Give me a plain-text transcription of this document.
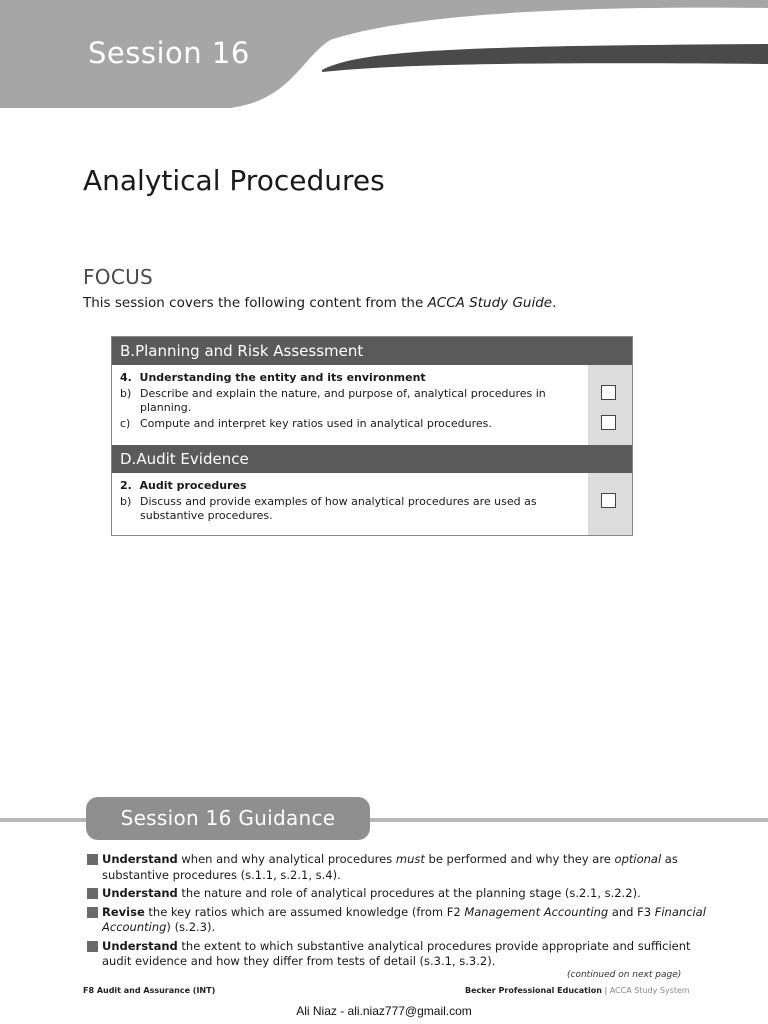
Session 16
Analytical Procedures
FOCUS
This session covers the following content from the ACCA Study Guide.
B.Planning and Risk Assessment
4. Understanding the entity and its environment
b) Describe and explain the nature, and purpose of, analytical procedures in planning.
c) Compute and interpret key ratios used in analytical procedures.
D.Audit Evidence
2. Audit procedures
b) Discuss and provide examples of how analytical procedures are used as substantive procedures.
Session 16 Guidance
Understand when and why analytical procedures must be performed and why they are optional as substantive procedures (s.1.1, s.2.1, s.4).
Understand the nature and role of analytical procedures at the planning stage (s.2.1, s.2.2).
Revise the key ratios which are assumed knowledge (from F2 Management Accounting and F3 Financial Accounting) (s.2.3).
Understand the extent to which substantive analytical procedures provide appropriate and sufficient audit evidence and how they differ from tests of detail (s.3.1, s.3.2).
(continued on next page)
F8 Audit and Assurance (INT)	Becker Professional Education | ACCA Study System
Ali Niaz - ali.niaz777@gmail.com
